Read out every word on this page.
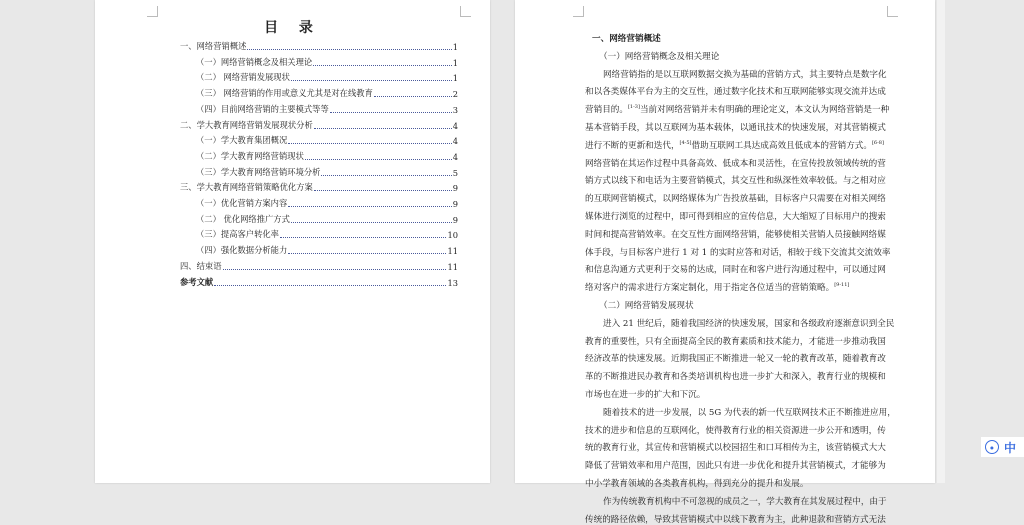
目 录
一、网络营销概述	1
（一）网络营销概念及相关理论	1
（二） 网络营销发展现状	1
（三） 网络营销的作用或意义尤其是对在线教育	2
（四）目前网络营销的主要模式等等	3
二、学大教育网络营销发展现状分析	4
（一）学大教育集团概况	4
（二）学大教育网络营销现状	4
（三）学大教育网络营销环境分析	5
三、学大教育网络营销策略优化方案	9
（一）优化营销方案内容	9
（二） 优化网络推广方式	9
（三）提高客户转化率	10
（四）强化数据分析能力	11
四、结束语	11
参考文献	13
一、网络营销概述
（一）网络营销概念及相关理论
网络营销指的是以互联网数据交换为基础的营销方式，其主要特点是数字化
和以各类媒体平台为主的交互性，通过数字化技术和互联网能够实现交流并达成
营销目的。[1-3]当前对网络营销并未有明确的理论定义，本文认为网络营销是一种
基本营销手段，其以互联网为基本载体，以通讯技术的快速发展，对其营销模式
进行不断的更新和迭代，[4-5]借助互联网工具达成高效且低成本的营销方式。[6-8]
网络营销在其运作过程中具备高效、低成本和灵活性，在宣传投放领域传统的营
销方式以线下和电话为主要营销模式，其交互性和纵深性效率较低。与之相对应
的互联网营销模式，以网络媒体为广告投放基础，目标客户只需要在对相关网络
媒体进行浏览的过程中，即可得到相应的宣传信息，大大缩短了目标用户的搜索
时间和提高营销效率。在交互性方面网络营销，能够使相关营销人员接触网络媒
体手段，与目标客户进行 1 对 1 的实时应答和对话，相较于线下交流其交流效率
和信息沟通方式更利于交易的达成，同时在和客户进行沟通过程中，可以通过网
络对客户的需求进行方案定制化，用于指定各位适当的营销策略。[9-11]
（二）网络营销发展现状
进入 21 世纪后，随着我国经济的快速发展，国家和各级政府逐渐意识到全民
教育的重要性，只有全面提高全民的教育素质和技术能力，才能进一步推动我国
经济改革的快速发展。近期我国正不断推进一轮又一轮的教育改革，随着教育改
革的不断推进民办教育和各类培训机构也进一步扩大和深入，教育行业的规模和
市场也在进一步的扩大和下沉。
随着技术的进一步发展，以 5G 为代表的新一代互联网技术正不断推进应用，
技术的进步和信息的互联网化，使得教育行业的相关资源进一步公开和透明，传
统的教育行业，其宣传和营销模式以校园招生和口耳相传为主，该营销模式大大
降低了营销效率和用户范围，因此只有进一步优化和提升其营销模式，才能够为
中小学教育领域的各类教育机构，得到充分的提升和发展。
作为传统教育机构中不可忽视的成员之一，学大教育在其发展过程中，由于
传统的路径依赖，导致其营销模式中以线下教育为主，此种退款和营销方式无法
● 中
